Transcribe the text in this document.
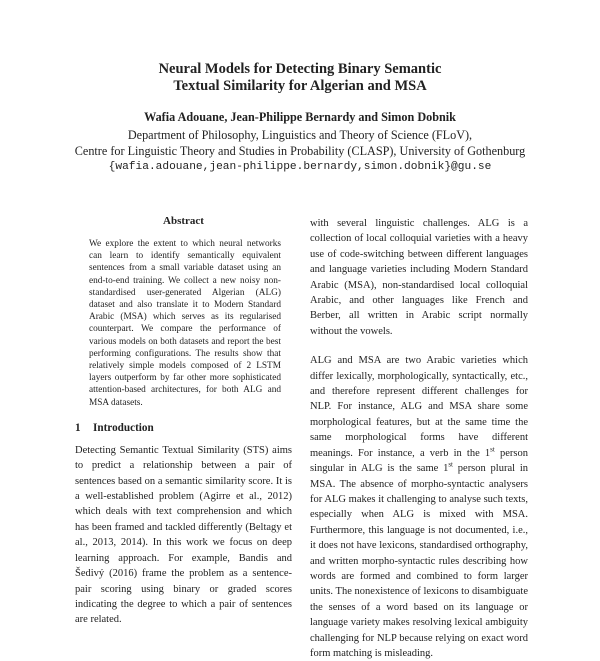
Neural Models for Detecting Binary Semantic
Textual Similarity for Algerian and MSA
Wafia Adouane, Jean-Philippe Bernardy and Simon Dobnik
Department of Philosophy, Linguistics and Theory of Science (FLoV),
Centre for Linguistic Theory and Studies in Probability (CLASP), University of Gothenburg
{wafia.adouane,jean-philippe.bernardy,simon.dobnik}@gu.se
Abstract

We explore the extent to which neural networks can learn to identify semantically equivalent sentences from a small variable dataset using an end-to-end training. We collect a new noisy non-standardised user-generated Algerian (ALG) dataset and also translate it to Modern Standard Arabic (MSA) which serves as its regularised counterpart. We compare the performance of various models on both datasets and report the best performing configurations. The results show that relatively simple models composed of 2 LSTM layers outperform by far other more sophisticated attention-based architectures, for both ALG and MSA datasets.

1 Introduction

Detecting Semantic Textual Similarity (STS) aims to predict a relationship between a pair of sentences based on a semantic similarity score. It is a well-established problem (Agirre et al., 2012) which deals with text comprehension and which has been framed and tackled differently (Beltagy et al., 2013, 2014). In this work we focus on deep learning approach. For example, Bandis and Šedivý (2016) frame the problem as a sentence-pair scoring using binary or graded scores indicating the degree to which a pair of sentences are related.

with several linguistic challenges. ALG is a collection of local colloquial varieties with a heavy use of code-switching between different languages and language varieties including Modern Standard Arabic (MSA), non-standardised local colloquial Arabic, and other languages like French and Berber, all written in Arabic script normally without the vowels.

ALG and MSA are two Arabic varieties which differ lexically, morphologically, syntactically, etc., and therefore represent different challenges for NLP. For instance, ALG and MSA share some morphological features, but at the same time the same morphological forms have different meanings. For instance, a verb in the 1st person singular in ALG is the same 1st person plural in MSA. The absence of morpho-syntactic analysers for ALG makes it challenging to analyse such texts, especially when ALG is mixed with MSA. Furthermore, this language is not documented, i.e., it does not have lexicons, standardised orthography, and written morpho-syntactic rules describing how words are formed and combined to form larger units. The nonexistence of lexicons to disambiguate the senses of a word based on its language or language variety makes resolving lexical ambiguity challenging for NLP because relying on exact word form matching is misleading.
